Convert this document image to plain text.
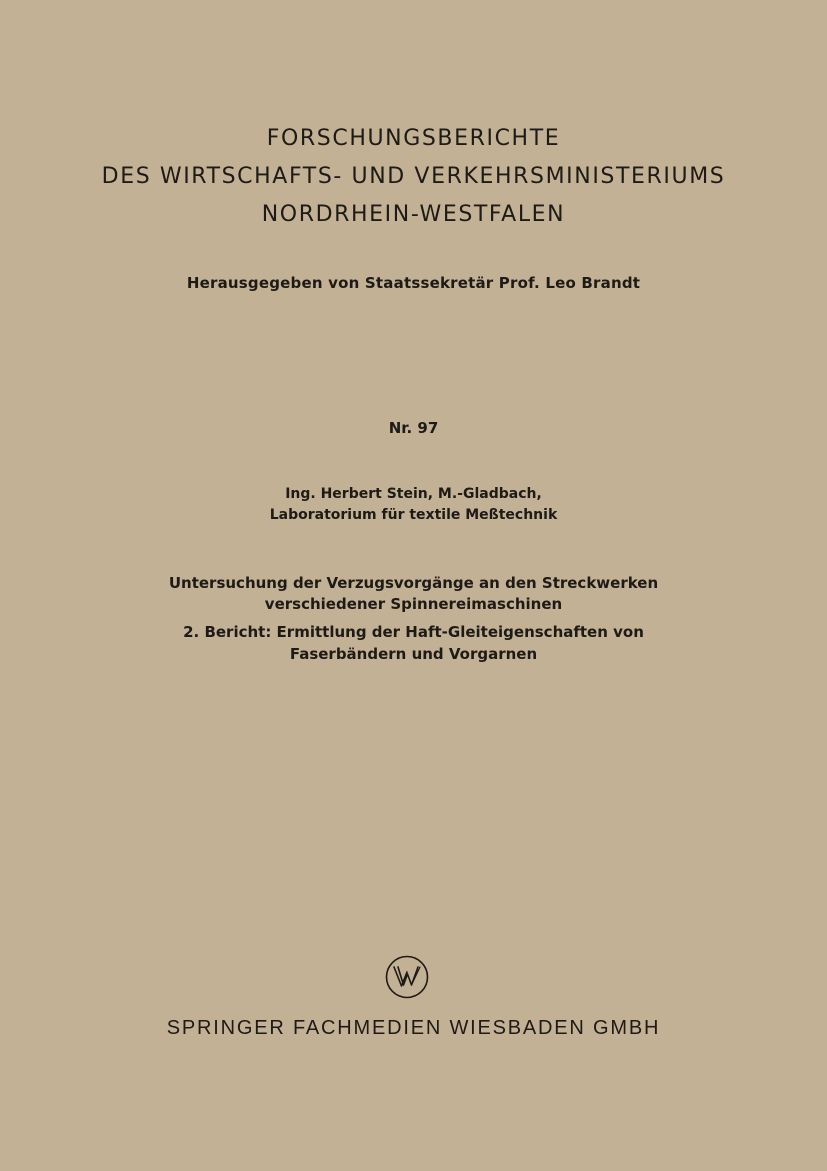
FORSCHUNGSBERICHTE
DES WIRTSCHAFTS- UND VERKEHRSMINISTERIUMS
NORDRHEIN-WESTFALEN
Herausgegeben von Staatssekretär Prof. Leo Brandt
Nr. 97
Ing. Herbert Stein, M.-Gladbach,
Laboratorium für textile Meßtechnik
Untersuchung der Verzugsvorgänge an den Streckwerken
verschiedener Spinnereimaschinen
2. Bericht: Ermittlung der Haft-Gleiteigenschaften von
Faserbändern und Vorgarnen
SPRINGER FACHMEDIEN WIESBADEN GMBH
